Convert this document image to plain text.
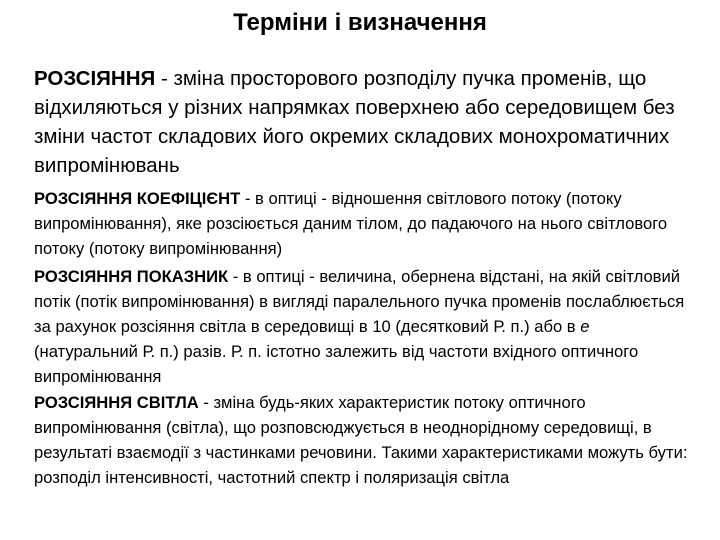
Терміни і визначення

РОЗСІЯННЯ - зміна просторового розподілу пучка променів, що відхиляються у різних напрямках поверхнею або середовищем без зміни частот складових його окремих складових монохроматичних випромінювань

РОЗСІЯННЯ КОЕФІЦІЄНТ - в оптиці - відношення світлового потоку (потоку випромінювання), яке розсіюється даним тілом, до падаючого на нього світлового потоку (потоку випромінювання)

РОЗСІЯННЯ ПОКАЗНИК - в оптиці - величина, обернена відстані, на якій світловий потік (потік випромінювання) в вигляді паралельного пучка променів послаблюється за рахунок розсіяння світла в середовищі в 10 (десятковий Р. п.) або в е (натуральний Р. п.) разів. Р. п. істотно залежить від частоти вхідного оптичного випромінювання

РОЗСІЯННЯ СВІТЛА - зміна будь-яких характеристик потоку оптичного випромінювання (світла), що розповсюджується в неоднорідному середовищі, в результаті взаємодії з частинками речовини. Такими характеристиками можуть бути: розподіл інтенсивності, частотний спектр і поляризація світла
